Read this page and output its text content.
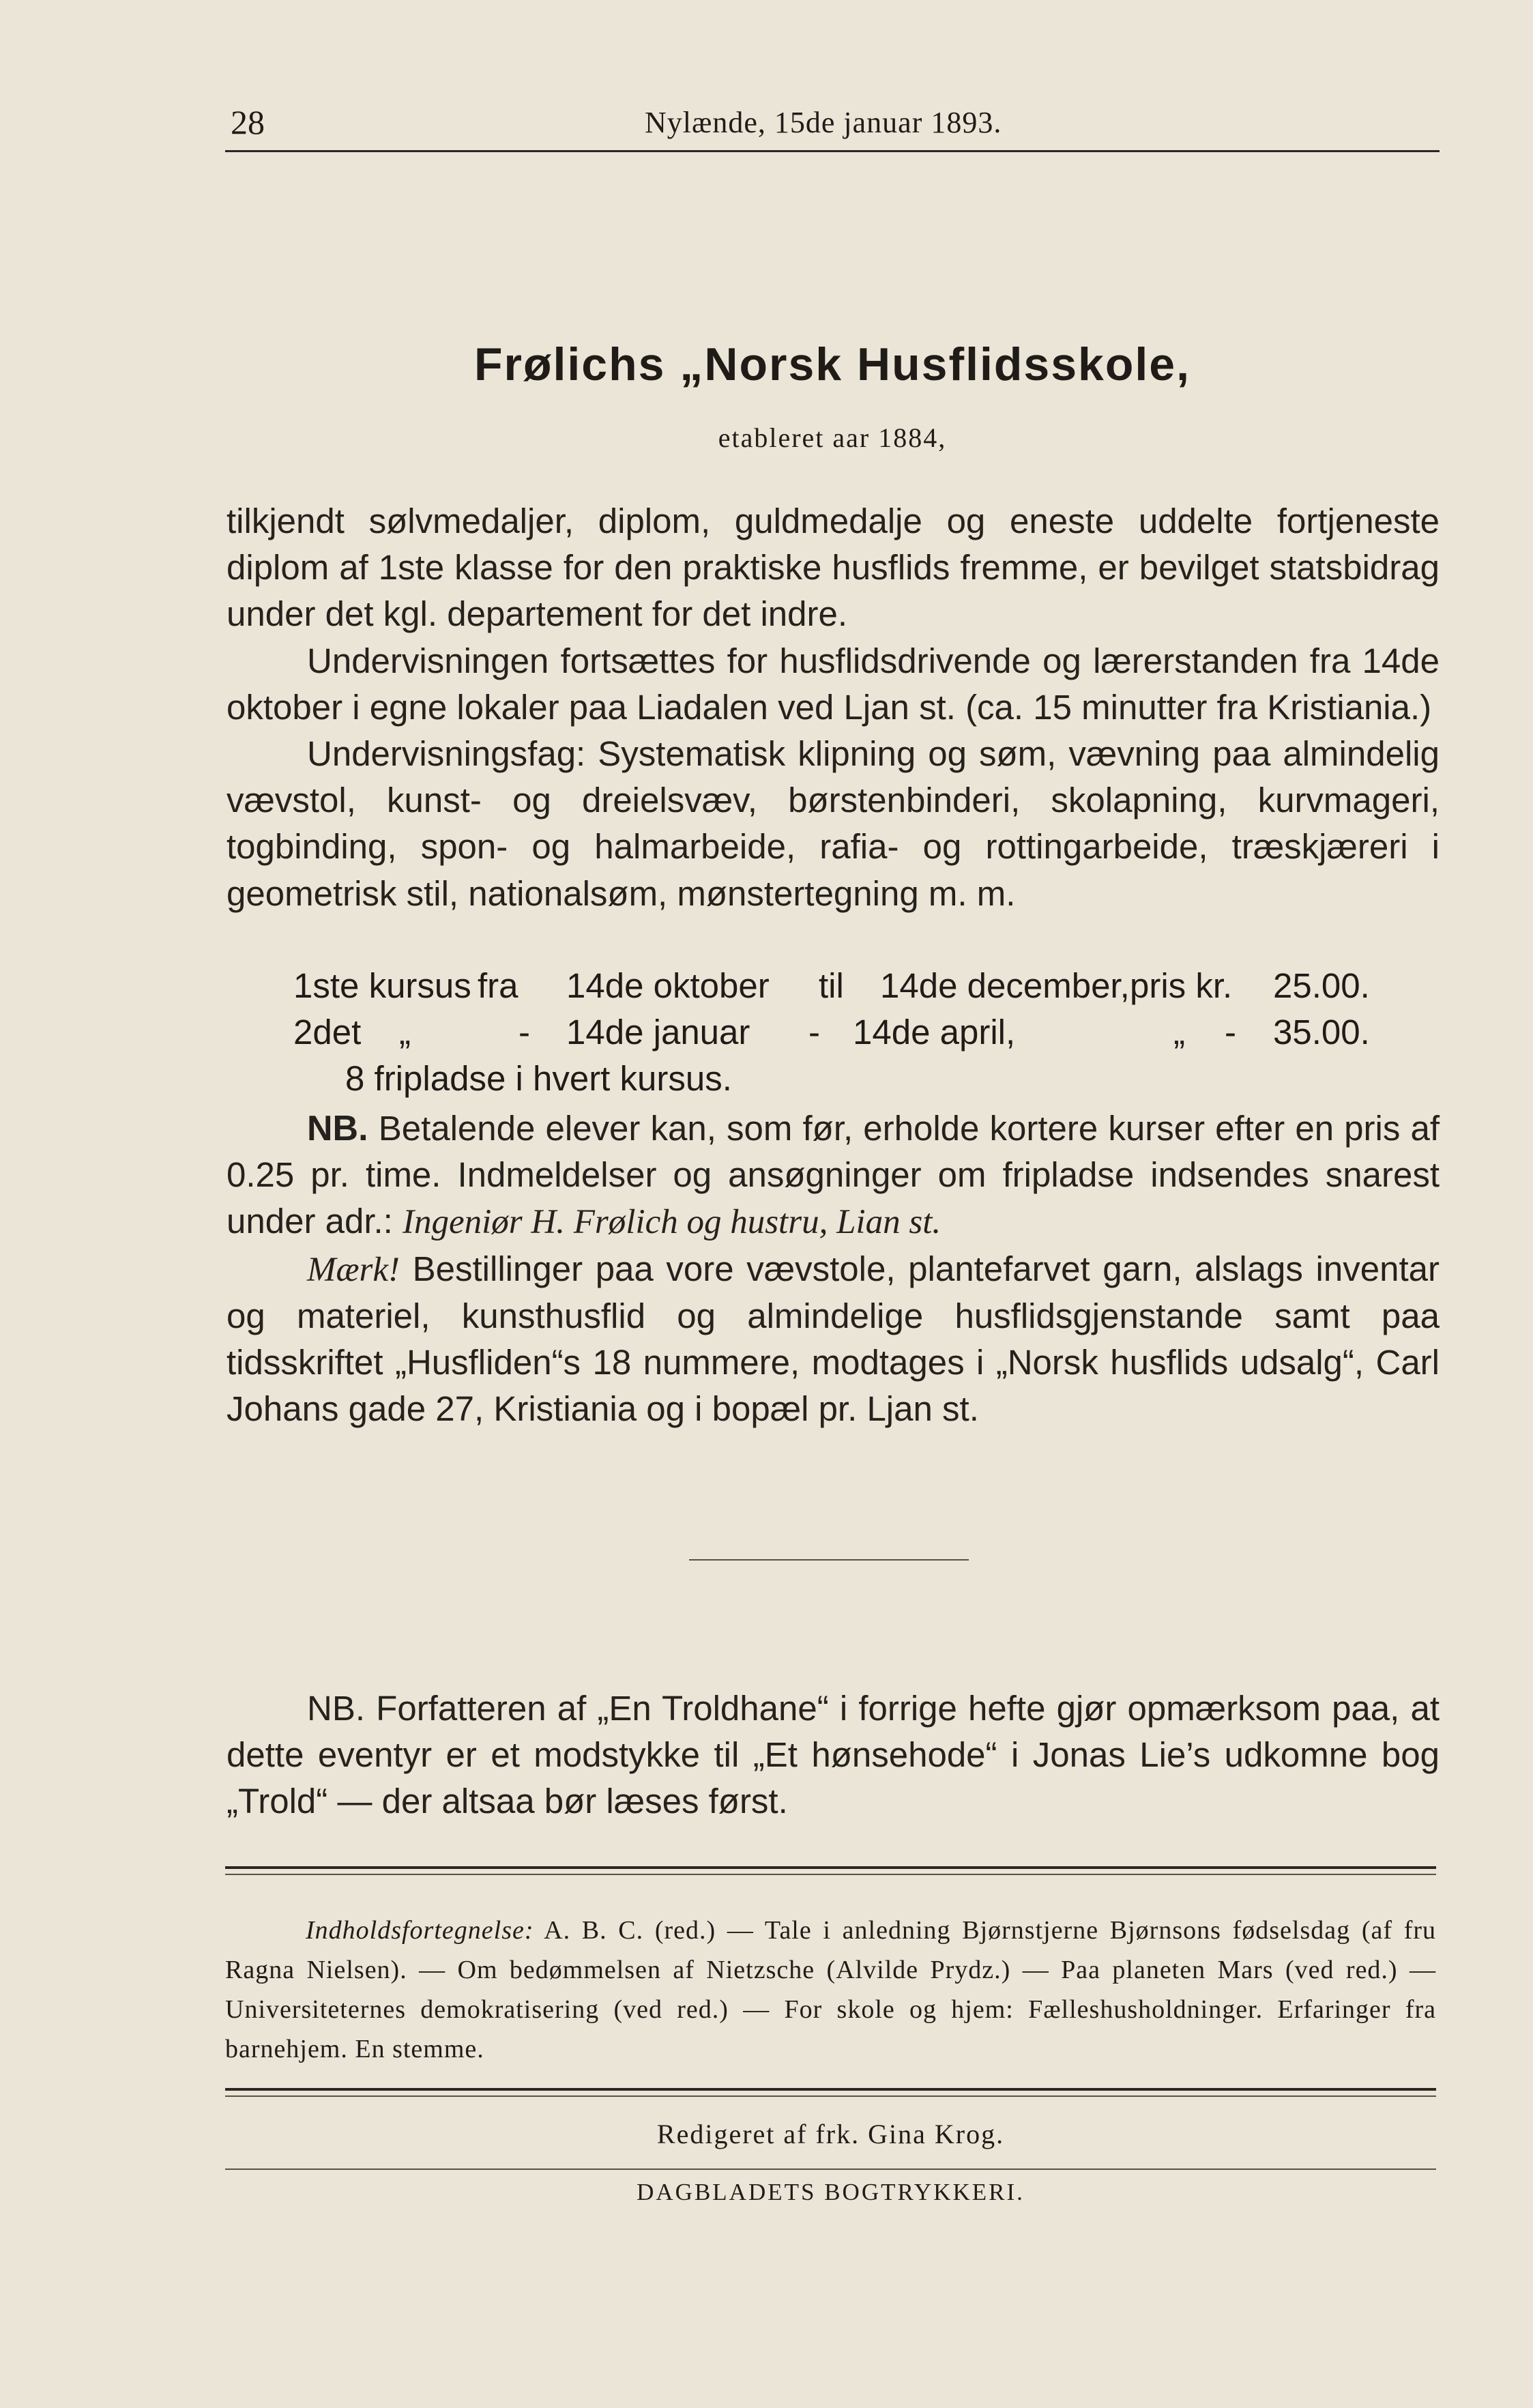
28	Nylænde, 15de januar 1893.
Frølichs „Norsk Husflidsskole,
etableret aar 1884,

tilkjendt sølvmedaljer, diplom, guldmedalje og eneste uddelte fortjeneste diplom af 1ste klasse for den praktiske husflids fremme, er bevilget statsbidrag under det kgl. departement for det indre.

Undervisningen fortsættes for husflidsdrivende og lærerstanden fra 14de oktober i egne lokaler paa Liadalen ved Ljan st. (ca. 15 minutter fra Kristiania.)

Undervisningsfag: Systematisk klipning og søm, vævning paa almindelig vævstol, kunst- og dreielsvæv, børstenbinderi, skolapning, kurvmageri, togbinding, spon- og halmarbeide, rafia- og rottingarbeide, træskjæreri i geometrisk stil, nationalsøm, mønstertegning m. m.

1ste kursus fra 14de oktober til 14de december, pris kr. 25.00.
2det „	- 14de januar - 14de april,	„ - 35.00.
8 fripladse i hvert kursus.

NB. Betalende elever kan, som før, erholde kortere kurser efter en pris af 0.25 pr. time. Indmeldelser og ansøgninger om fripladse indsendes snarest under adr.: Ingeniør H. Frølich og hustru, Lian st.

Mærk! Bestillinger paa vore vævstole, plantefarvet garn, alslags inventar og materiel, kunsthusflid og almindelige husflidsgjenstande samt paa tidsskriftet „Husfliden“s 18 nummere, modtages i „Norsk husflids udsalg“, Carl Johans gade 27, Kristiania og i bopæl pr. Ljan st.

NB. Forfatteren af „En Troldhane“ i forrige hefte gjør opmærksom paa, at dette eventyr er et modstykke til „Et hønsehode“ i Jonas Lie’s udkomne bog „Trold“ — der altsaa bør læses først.

Indholdsfortegnelse: A. B. C. (red.) — Tale i anledning Bjørnstjerne Bjørnsons fødselsdag (af fru Ragna Nielsen). — Om bedømmelsen af Nietzsche (Alvilde Prydz.) — Paa planeten Mars (ved red.) — Universiteternes demokratisering (ved red.) — For skole og hjem: Fælleshusholdninger. Erfaringer fra barnehjem. En stemme.

Redigeret af frk. Gina Krog.
DAGBLADETS BOGTRYKKERI.
